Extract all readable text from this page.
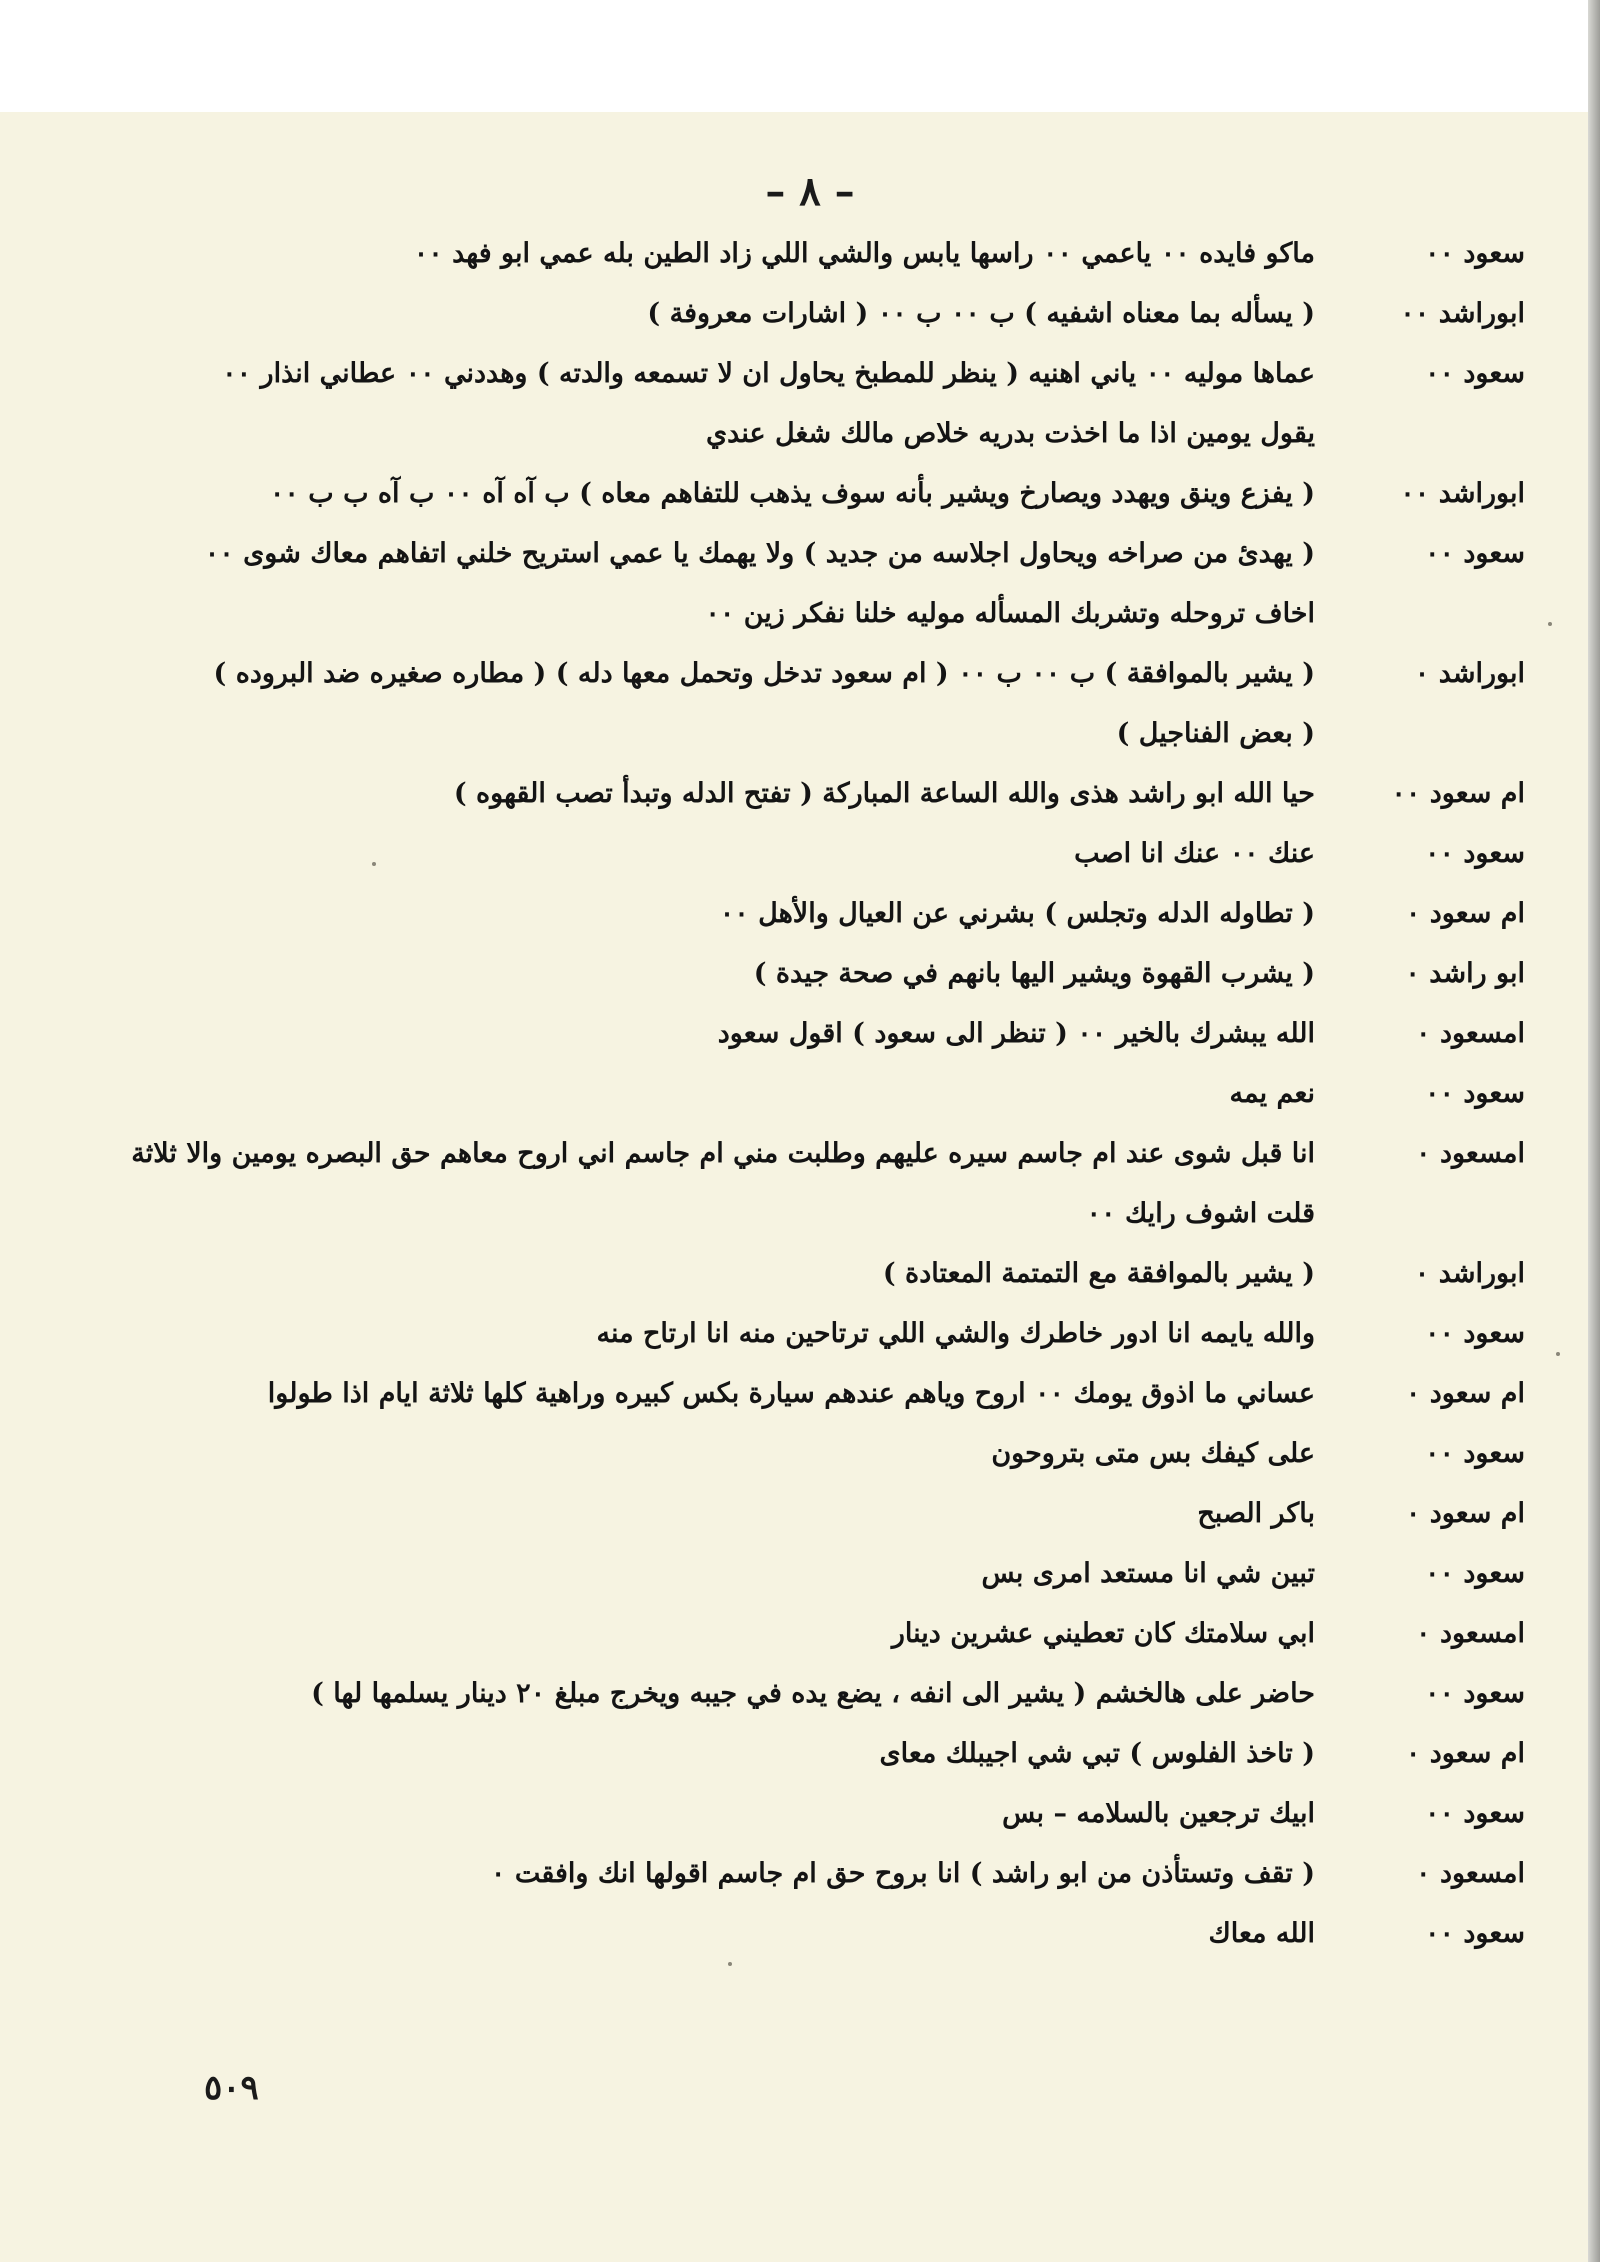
– ٨ –
سعود ٠٠
ماكو فايده ٠٠ ياعمي ٠٠ راسها يابس والشي اللي زاد الطين بله عمي ابو فهد ٠٠
ابوراشد ٠٠
( يسأله بما معناه اشفيه ) ب ٠٠ ب ٠٠ ( اشارات معروفة )
سعود ٠٠
عماها موليه ٠٠ ياني اهنيه ( ينظر للمطبخ يحاول ان لا تسمعه والدته ) وهددني ٠٠ عطاني انذار ٠٠
يقول يومين اذا ما اخذت بدريه خلاص مالك شغل عندي
ابوراشد ٠٠
( يفزع وينق ويهدد ويصارخ ويشير بأنه سوف يذهب للتفاهم معاه ) ب آه آه ٠٠ ب آه ب ب ٠٠
سعود ٠٠
( يهدئ من صراخه ويحاول اجلاسه من جديد ) ولا يهمك يا عمي استريح خلني اتفاهم معاك شوى ٠٠
اخاف تروحله وتشربك المسأله موليه خلنا نفكر زين ٠٠
ابوراشد ٠
( يشير بالموافقة ) ب ٠٠ ب ٠٠ ( ام سعود تدخل وتحمل معها دله ) ( مطاره صغيره ضد البروده )
( بعض الفناجيل )
ام سعود ٠٠
حيا الله ابو راشد هذى والله الساعة المباركة ( تفتح الدله وتبدأ تصب القهوه )
سعود ٠٠
عنك ٠٠ عنك انا اصب
ام سعود ٠
( تطاوله الدله وتجلس ) بشرني عن العيال والأهل ٠٠
ابو راشد ٠
( يشرب القهوة ويشير اليها بانهم في صحة جيدة )
امسعود ٠
الله يبشرك بالخير ٠٠ ( تنظر الى سعود ) اقول سعود
سعود ٠٠
نعم يمه
امسعود ٠
انا قبل شوى عند ام جاسم سيره عليهم وطلبت مني ام جاسم اني اروح معاهم حق البصره يومين والا ثلاثة
قلت اشوف رايك ٠٠
ابوراشد ٠
( يشير بالموافقة مع التمتمة المعتادة )
سعود ٠٠
والله يايمه انا ادور خاطرك والشي اللي ترتاحين منه انا ارتاح منه
ام سعود ٠
عساني ما اذوق يومك ٠٠ اروح وياهم عندهم سيارة بكس كبيره وراهية كلها ثلاثة ايام اذا طولوا
سعود ٠٠
على كيفك بس متى بتروحون
ام سعود ٠
باكر الصبح
سعود ٠٠
تبين شي انا مستعد امرى بس
امسعود ٠
ابي سلامتك كان تعطيني عشرين دينار
سعود ٠٠
حاضر على هالخشم ( يشير الى انفه ، يضع يده في جيبه ويخرج مبلغ ٢٠ دينار يسلمها لها )
ام سعود ٠
( تاخذ الفلوس ) تبي شي اجيبلك معاى
سعود ٠٠
ابيك ترجعين بالسلامه – بس
امسعود ٠
( تقف وتستأذن من ابو راشد ) انا بروح حق ام جاسم اقولها انك وافقت ٠
سعود ٠٠
الله معاك
٥٠٩
